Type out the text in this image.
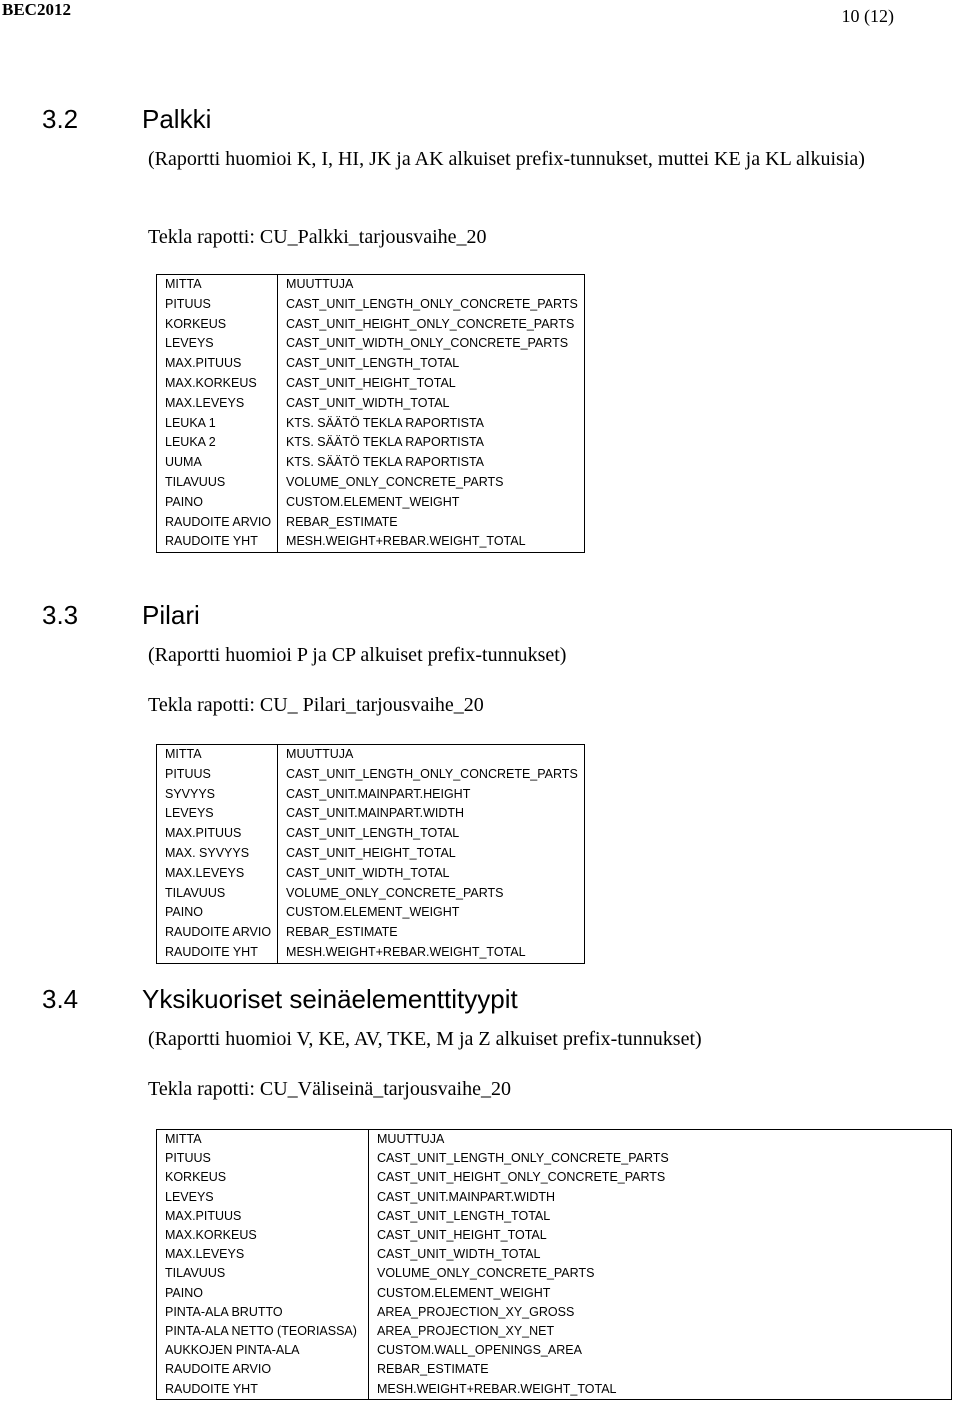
BEC2012	10 (12)
3.2 Palkki
(Raportti huomioi K, I, HI, JK ja AK alkuiset prefix-tunnukset, muttei KE ja KL alkuisia)
Tekla rapotti: CU_Palkki_tarjousvaihe_20
MITTA	MUUTTUJA
PITUUS	CAST_UNIT_LENGTH_ONLY_CONCRETE_PARTS
KORKEUS	CAST_UNIT_HEIGHT_ONLY_CONCRETE_PARTS
LEVEYS	CAST_UNIT_WIDTH_ONLY_CONCRETE_PARTS
MAX.PITUUS	CAST_UNIT_LENGTH_TOTAL
MAX.KORKEUS	CAST_UNIT_HEIGHT_TOTAL
MAX.LEVEYS	CAST_UNIT_WIDTH_TOTAL
LEUKA 1	KTS. SÄÄTÖ TEKLA RAPORTISTA
LEUKA 2	KTS. SÄÄTÖ TEKLA RAPORTISTA
UUMA	KTS. SÄÄTÖ TEKLA RAPORTISTA
TILAVUUS	VOLUME_ONLY_CONCRETE_PARTS
PAINO	CUSTOM.ELEMENT_WEIGHT
RAUDOITE ARVIO	REBAR_ESTIMATE
RAUDOITE YHT	MESH.WEIGHT+REBAR.WEIGHT_TOTAL
3.3 Pilari
(Raportti huomioi P ja CP alkuiset prefix-tunnukset)
Tekla rapotti: CU_ Pilari_tarjousvaihe_20
MITTA	MUUTTUJA
PITUUS	CAST_UNIT_LENGTH_ONLY_CONCRETE_PARTS
SYVYYS	CAST_UNIT.MAINPART.HEIGHT
LEVEYS	CAST_UNIT.MAINPART.WIDTH
MAX.PITUUS	CAST_UNIT_LENGTH_TOTAL
MAX. SYVYYS	CAST_UNIT_HEIGHT_TOTAL
MAX.LEVEYS	CAST_UNIT_WIDTH_TOTAL
TILAVUUS	VOLUME_ONLY_CONCRETE_PARTS
PAINO	CUSTOM.ELEMENT_WEIGHT
RAUDOITE ARVIO	REBAR_ESTIMATE
RAUDOITE YHT	MESH.WEIGHT+REBAR.WEIGHT_TOTAL
3.4 Yksikuoriset seinäelementtityypit
(Raportti huomioi V, KE, AV, TKE, M ja Z alkuiset prefix-tunnukset)
Tekla rapotti: CU_Väliseinä_tarjousvaihe_20
MITTA	MUUTTUJA
PITUUS	CAST_UNIT_LENGTH_ONLY_CONCRETE_PARTS
KORKEUS	CAST_UNIT_HEIGHT_ONLY_CONCRETE_PARTS
LEVEYS	CAST_UNIT.MAINPART.WIDTH
MAX.PITUUS	CAST_UNIT_LENGTH_TOTAL
MAX.KORKEUS	CAST_UNIT_HEIGHT_TOTAL
MAX.LEVEYS	CAST_UNIT_WIDTH_TOTAL
TILAVUUS	VOLUME_ONLY_CONCRETE_PARTS
PAINO	CUSTOM.ELEMENT_WEIGHT
PINTA-ALA BRUTTO	AREA_PROJECTION_XY_GROSS
PINTA-ALA NETTO (TEORIASSA)	AREA_PROJECTION_XY_NET
AUKKOJEN PINTA-ALA	CUSTOM.WALL_OPENINGS_AREA
RAUDOITE ARVIO	REBAR_ESTIMATE
RAUDOITE YHT	MESH.WEIGHT+REBAR.WEIGHT_TOTAL
